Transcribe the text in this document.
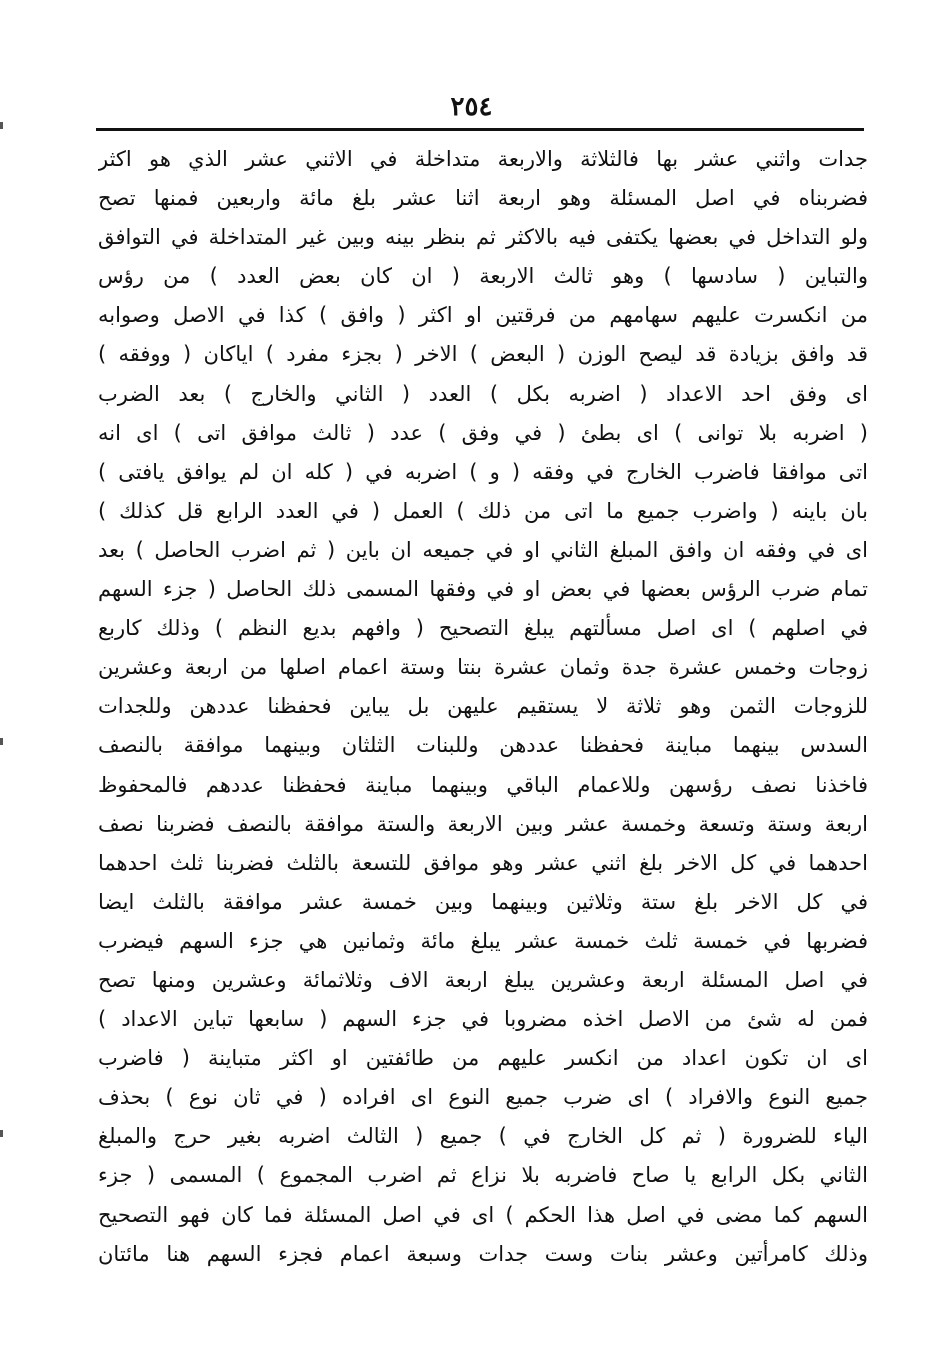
٢٥٤
جدات واثني عشر بها فالثلاثة والاربعة متداخلة في الاثني عشر الذي هو اكثر
فضربناه في اصل المسئلة وهو اربعة اثنا عشر بلغ مائة واربعين فمنها تصح
ولو التداخل في بعضها يكتفى فيه بالاكثر ثم بنظر بينه وبين غير المتداخلة في التوافق
والتباين ( سادسها ) وهو ثالث الاربعة ( ان كان بعض العدد ) من رؤس
من انكسرت عليهم سهامهم من فرقتين او اكثر ( وافق ) كذا في الاصل وصوابه
قد وافق بزيادة قد ليصح الوزن ( البعض ) الاخر ( بجزء مفرد ) اياكان ( ووفقه )
اى وفق احد الاعداد ( اضربه بكل ) العدد ( الثاني والخارج ) بعد الضرب
( اضربه بلا توانى ) اى بطئ ( في وفق ) عدد ( ثالث موافق اتى ) اى انه
اتى موافقا فاضرب الخارج في وفقه ( و ) اضربه في ( كله ان لم يوافق يافتى )
بان باينه ( واضرب جميع ما اتى من ذلك ) العمل ( في العدد الرابع قل كذلك )
اى في وفقه ان وافق المبلغ الثاني او في جميعه ان باين ( ثم اضرب الحاصل ) بعد
تمام ضرب الرؤس بعضها في بعض او في وفقها المسمى ذلك الحاصل ( جزء السهم
في اصلهم ) اى اصل مسألتهم يبلغ التصحيح ( وافهم بديع النظم ) وذلك كاربع
زوجات وخمس عشرة جدة وثمان عشرة بنتا وستة اعمام اصلها من اربعة وعشرين
للزوجات الثمن وهو ثلاثة لا يستقيم عليهن بل يباين فحفظنا عددهن وللجدات
السدس بينهما مباينة فحفظنا عددهن وللبنات الثلثان وبينهما موافقة بالنصف
فاخذنا نصف رؤسهن وللاعمام الباقي وبينهما مباينة فحفظنا عددهم فالمحفوظ
اربعة وستة وتسعة وخمسة عشر وبين الاربعة والستة موافقة بالنصف فضربنا نصف
احدهما في كل الاخر بلغ اثني عشر وهو موافق للتسعة بالثلث فضربنا ثلث احدهما
في كل الاخر بلغ ستة وثلاثين وبينهما وبين خمسة عشر موافقة بالثلث ايضا
فضربها في خمسة ثلث خمسة عشر يبلغ مائة وثمانين هي جزء السهم فيضرب
في اصل المسئلة اربعة وعشرين يبلغ اربعة الاف وثلاثمائة وعشرين ومنها تصح
فمن له شئ من الاصل اخذه مضروبا في جزء السهم ( سابعها تباين الاعداد )
اى ان تكون اعداد من انكسر عليهم من طائفتين او اكثر متباينة ( فاضرب
جميع النوع والافراد ) اى ضرب جميع النوع اى افراده ( في ثان نوع ) بحذف
الياء للضرورة ( ثم كل الخارج في ) جميع ( الثالث اضربه بغير حرج والمبلغ
الثاني بكل الرابع يا صاح فاضربه بلا نزاع ثم اضرب المجموع ) المسمى ( جزء
السهم كما مضى في اصل هذا الحكم ) اى في اصل المسئلة فما كان فهو التصحيح
وذلك كامرأتين وعشر بنات وست جدات وسبعة اعمام فجزء السهم هنا مائتان
